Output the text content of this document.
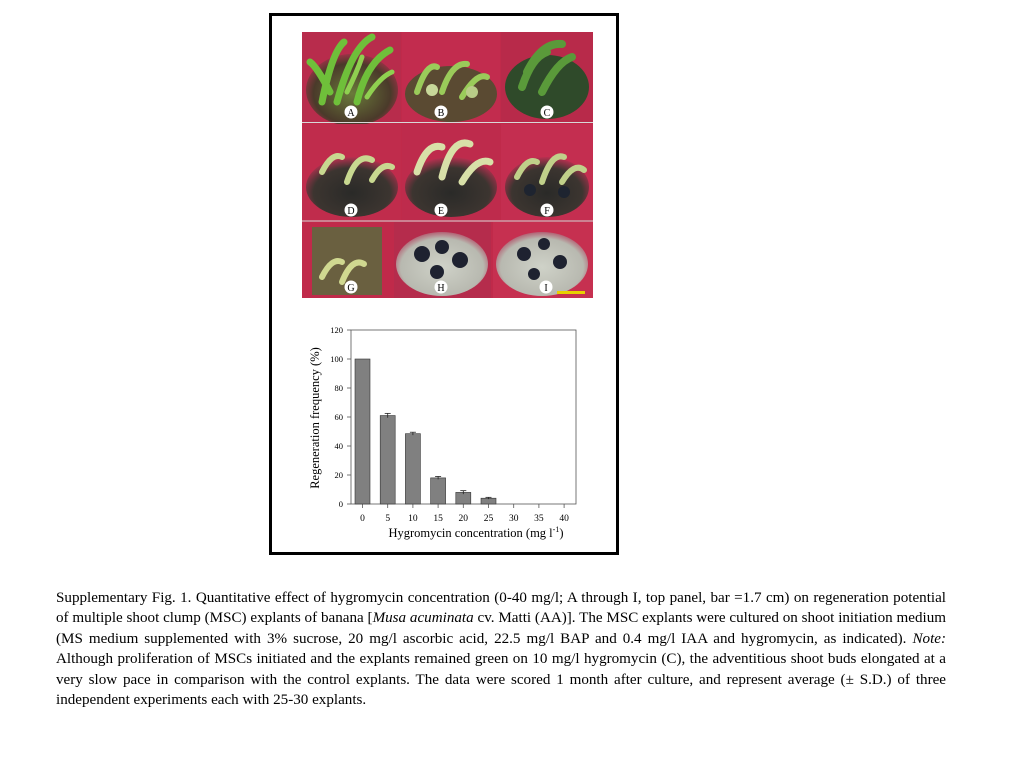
A	B	C
D	E	F
G	H	I
0
20
40
60
80
100
120
0 5 10 15 20 25 30 35 40
Regeneration frequency (%)
Hygromycin concentration (mg $l^{-1}$)

Supplementary Fig. 1. Quantitative effect of hygromycin concentration (0-40 mg/l; A through I, top panel, bar =1.7 cm) on regeneration potential of multiple shoot clump (MSC) explants of banana [Musa acuminata cv. Matti (AA)]. The MSC explants were cultured on shoot initiation medium (MS medium supplemented with 3% sucrose, 20 mg/l ascorbic acid, 22.5 mg/l BAP and 0.4 mg/l IAA and hygromycin, as indicated). Note: Although proliferation of MSCs initiated and the explants remained green on 10 mg/l hygromycin (C), the adventitious shoot buds elongated at a very slow pace in comparison with the control explants. The data were scored 1 month after culture, and represent average (± S.D.) of three independent experiments each with 25-30 explants.
